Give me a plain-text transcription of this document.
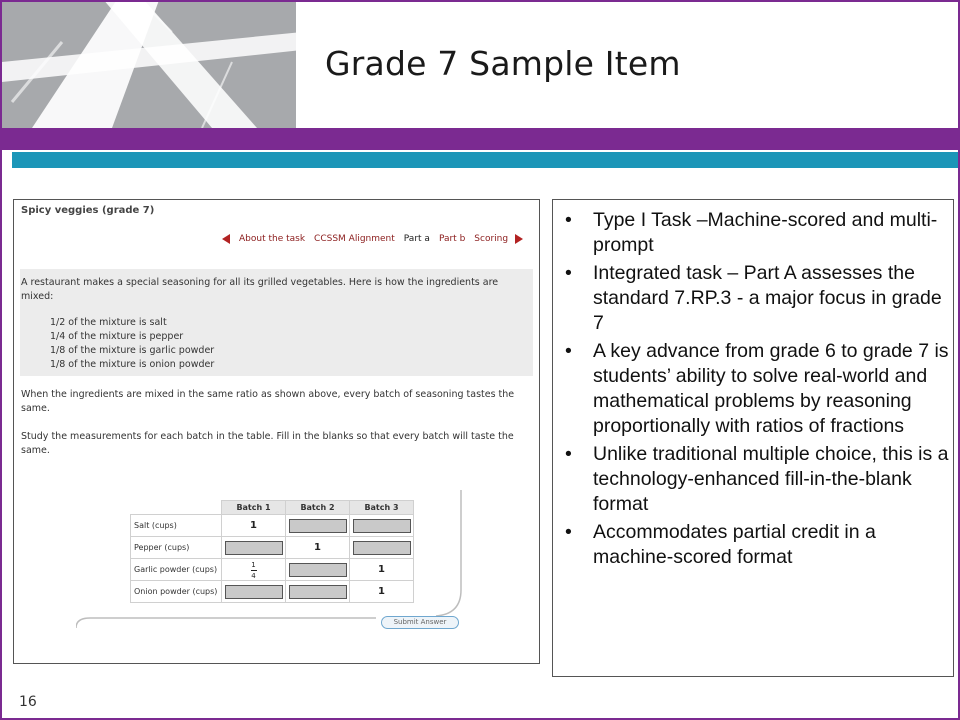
Grade 7 Sample Item
Spicy veggies (grade 7)
About the task CCSSM Alignment Part a Part b Scoring
A restaurant makes a special seasoning for all its grilled vegetables. Here is how the ingredients are mixed:
1/2 of the mixture is salt
1/4 of the mixture is pepper
1/8 of the mixture is garlic powder
1/8 of the mixture is onion powder
When the ingredients are mixed in the same ratio as shown above, every batch of seasoning tastes the same.
Study the measurements for each batch in the table. Fill in the blanks so that every batch will taste the same.
	Batch 1	Batch 2	Batch 3
Salt (cups)	1		
Pepper (cups)		1	
Garlic powder (cups)	$\frac{1}{4}$		1
Onion powder (cups)			1
Submit Answer
• Type I Task –Machine-scored and multi-prompt
• Integrated task – Part A assesses the standard 7.RP.3 - a major focus in grade 7
• A key advance from grade 6 to grade 7 is students’ ability to solve real-world and mathematical problems by reasoning proportionally with ratios of fractions
• Unlike traditional multiple choice, this is a technology-enhanced fill-in-the-blank format
• Accommodates partial credit in a machine-scored format
16
